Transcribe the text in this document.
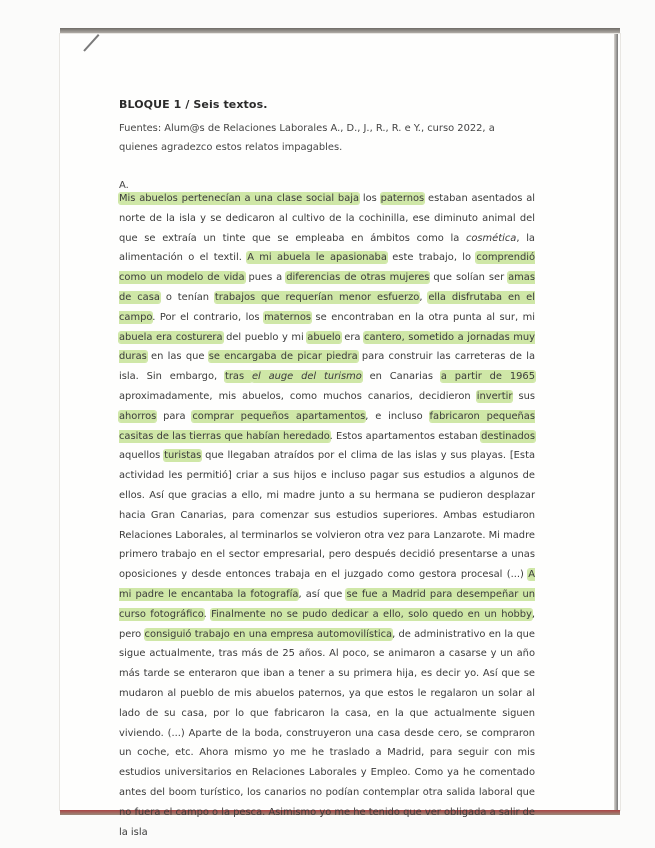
BLOQUE 1 / Seis textos.

Fuentes: Alum@s de Relaciones Laborales A., D., J., R., R. e Y., curso 2022, a quienes agradezco estos relatos impagables.

A.

Mis abuelos pertenecían a una clase social baja los paternos estaban asentados al norte de la isla y se dedicaron al cultivo de la cochinilla, ese diminuto animal del que se extraía un tinte que se empleaba en ámbitos como la cosmética, la alimentación o el textil. A mi abuela le apasionaba este trabajo, lo comprendió como un modelo de vida pues a diferencias de otras mujeres que solían ser amas de casa o tenían trabajos que requerían menor esfuerzo, ella disfrutaba en el campo. Por el contrario, los maternos se encontraban en la otra punta al sur, mi abuela era costurera del pueblo y mi abuelo era cantero, sometido a jornadas muy duras en las que se encargaba de picar piedra para construir las carreteras de la isla. Sin embargo, tras el auge del turismo en Canarias a partir de 1965 aproximadamente, mis abuelos, como muchos canarios, decidieron invertir sus ahorros para comprar pequeños apartamentos, e incluso fabricaron pequeñas casitas de las tierras que habían heredado. Estos apartamentos estaban destinados aquellos turistas que llegaban atraídos por el clima de las islas y sus playas. [Esta actividad les permitió] criar a sus hijos e incluso pagar sus estudios a algunos de ellos. Así que gracias a ello, mi madre junto a su hermana se pudieron desplazar hacia Gran Canarias, para comenzar sus estudios superiores. Ambas estudiaron Relaciones Laborales, al terminarlos se volvieron otra vez para Lanzarote. Mi madre primero trabajo en el sector empresarial, pero después decidió presentarse a unas oposiciones y desde entonces trabaja en el juzgado como gestora procesal (...) A mi padre le encantaba la fotografía, así que se fue a Madrid para desempeñar un curso fotográfico. Finalmente no se pudo dedicar a ello, solo quedo en un hobby, pero consiguió trabajo en una empresa automovilística, de administrativo en la que sigue actualmente, tras más de 25 años. Al poco, se animaron a casarse y un año más tarde se enteraron que iban a tener a su primera hija, es decir yo. Así que se mudaron al pueblo de mis abuelos paternos, ya que estos le regalaron un solar al lado de su casa, por lo que fabricaron la casa, en la que actualmente siguen viviendo. (...) Aparte de la boda, construyeron una casa desde cero, se compraron un coche, etc. Ahora mismo yo me he traslado a Madrid, para seguir con mis estudios universitarios en Relaciones Laborales y Empleo. Como ya he comentado antes del boom turístico, los canarios no podían contemplar otra salida laboral que no fuera el campo o la pesca. Asimismo yo me he tenido que ver obligada a salir de la isla
